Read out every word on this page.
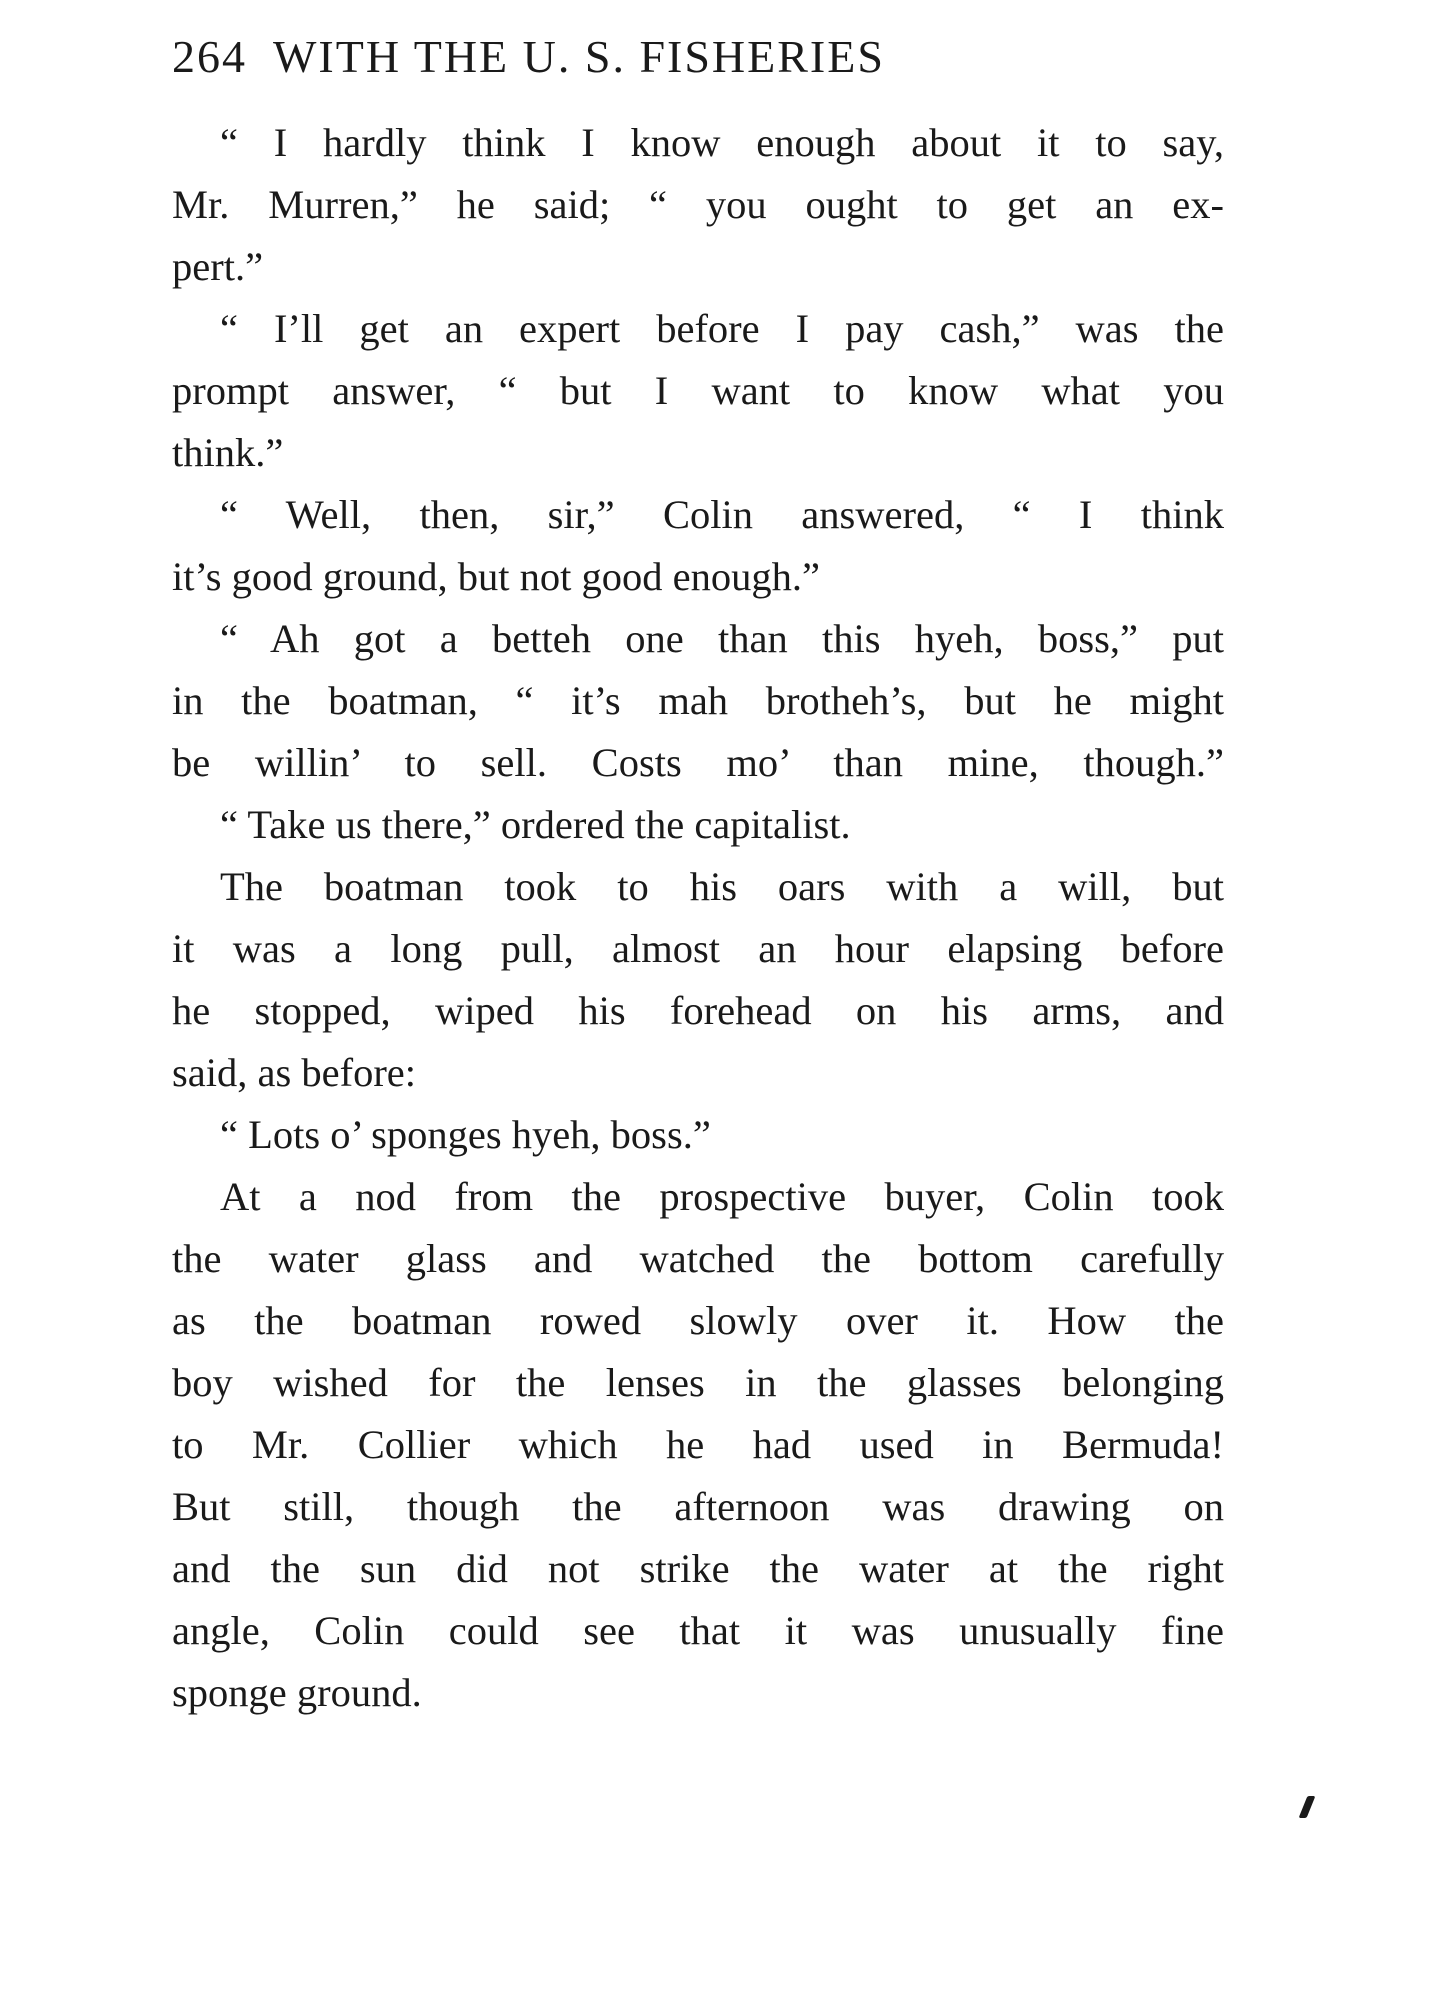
264 WITH THE U. S. FISHERIES
“ I hardly think I know enough about it to say,
Mr. Murren,” he said; “ you ought to get an ex-
pert.”
“ I’ll get an expert before I pay cash,” was the
prompt answer, “ but I want to know what you
think.”
“ Well, then, sir,” Colin answered, “ I think
it’s good ground, but not good enough.”
“ Ah got a betteh one than this hyeh, boss,” put
in the boatman, “ it’s mah brotheh’s, but he might
be willin’ to sell. Costs mo’ than mine, though.”
“ Take us there,” ordered the capitalist.
The boatman took to his oars with a will, but
it was a long pull, almost an hour elapsing before
he stopped, wiped his forehead on his arms, and
said, as before:
“ Lots o’ sponges hyeh, boss.”
At a nod from the prospective buyer, Colin took
the water glass and watched the bottom carefully
as the boatman rowed slowly over it. How the
boy wished for the lenses in the glasses belonging
to Mr. Collier which he had used in Bermuda!
But still, though the afternoon was drawing on
and the sun did not strike the water at the right
angle, Colin could see that it was unusually fine
sponge ground.
